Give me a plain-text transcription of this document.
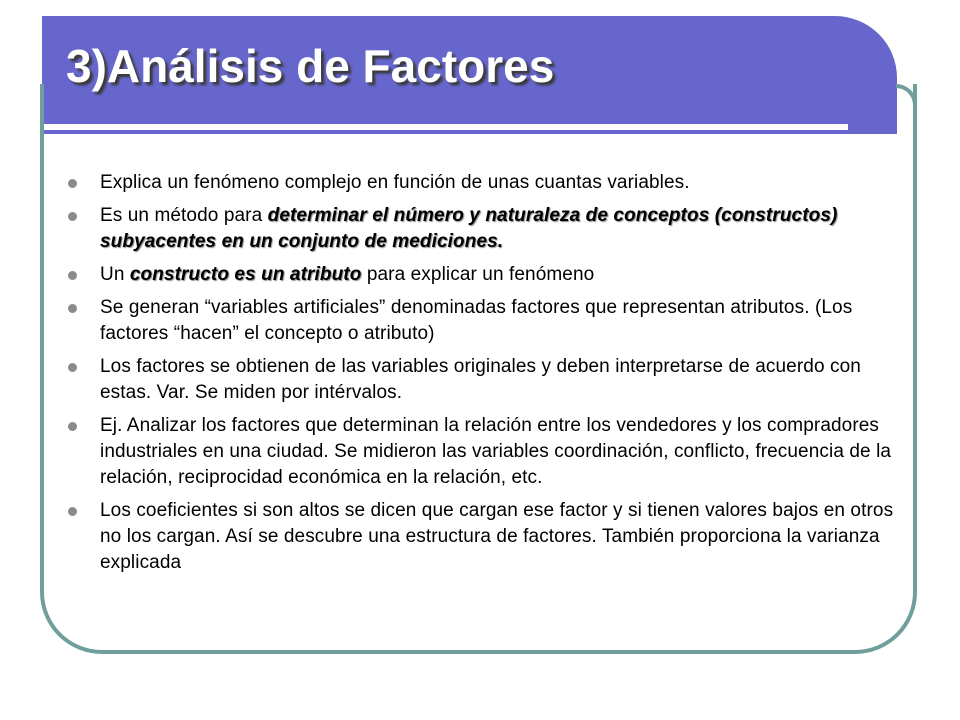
3)Análisis de Factores
Explica un fenómeno complejo en función de unas cuantas variables.
Es un método para determinar el número y naturaleza de conceptos (constructos) subyacentes en un conjunto de mediciones.
Un constructo es un atributo para explicar un fenómeno
Se generan “variables artificiales” denominadas factores que representan atributos. (Los factores “hacen” el concepto o atributo)
Los factores se obtienen de las variables originales y deben interpretarse de acuerdo con estas. Var. Se miden por intérvalos.
Ej. Analizar los factores que determinan la relación entre los vendedores y los compradores industriales en una ciudad. Se midieron las variables coordinación, conflicto, frecuencia de la relación, reciprocidad económica en la relación, etc.
Los coeficientes si son altos se dicen que cargan ese factor y si tienen valores bajos en otros no los cargan. Así se descubre una estructura de factores. También proporciona la varianza explicada
